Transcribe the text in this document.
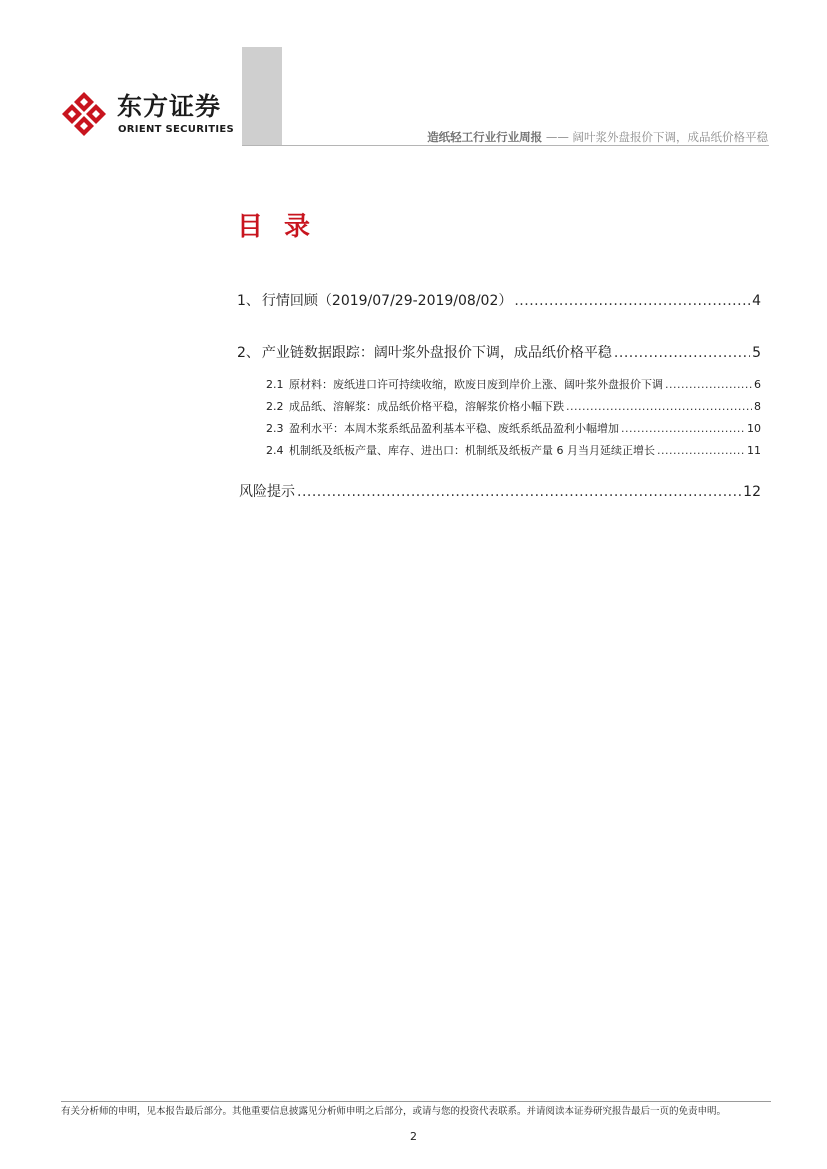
东方证券
ORIENT SECURITIES
造纸轻工行业行业周报 —— 阔叶浆外盘报价下调，成品纸价格平稳
目 录
1、 行情回顾（2019/07/29-2019/08/02） .....	4
2、 产业链数据跟踪：阔叶浆外盘报价下调，成品纸价格平稳 .....	5
2.1 原材料：废纸进口许可持续收缩，欧废日废到岸价上涨、阔叶浆外盘报价下调 .....	6
2.2 成品纸、溶解浆：成品纸价格平稳，溶解浆价格小幅下跌 .....	8
2.3 盈利水平：本周木浆系纸品盈利基本平稳、废纸系纸品盈利小幅增加 .....	10
2.4 机制纸及纸板产量、库存、进出口：机制纸及纸板产量 6 月当月延续正增长 .....	11
风险提示 .....	12
有关分析师的申明，见本报告最后部分。其他重要信息披露见分析师申明之后部分，或请与您的投资代表联系。并请阅读本证券研究报告最后一页的免责申明。
2
